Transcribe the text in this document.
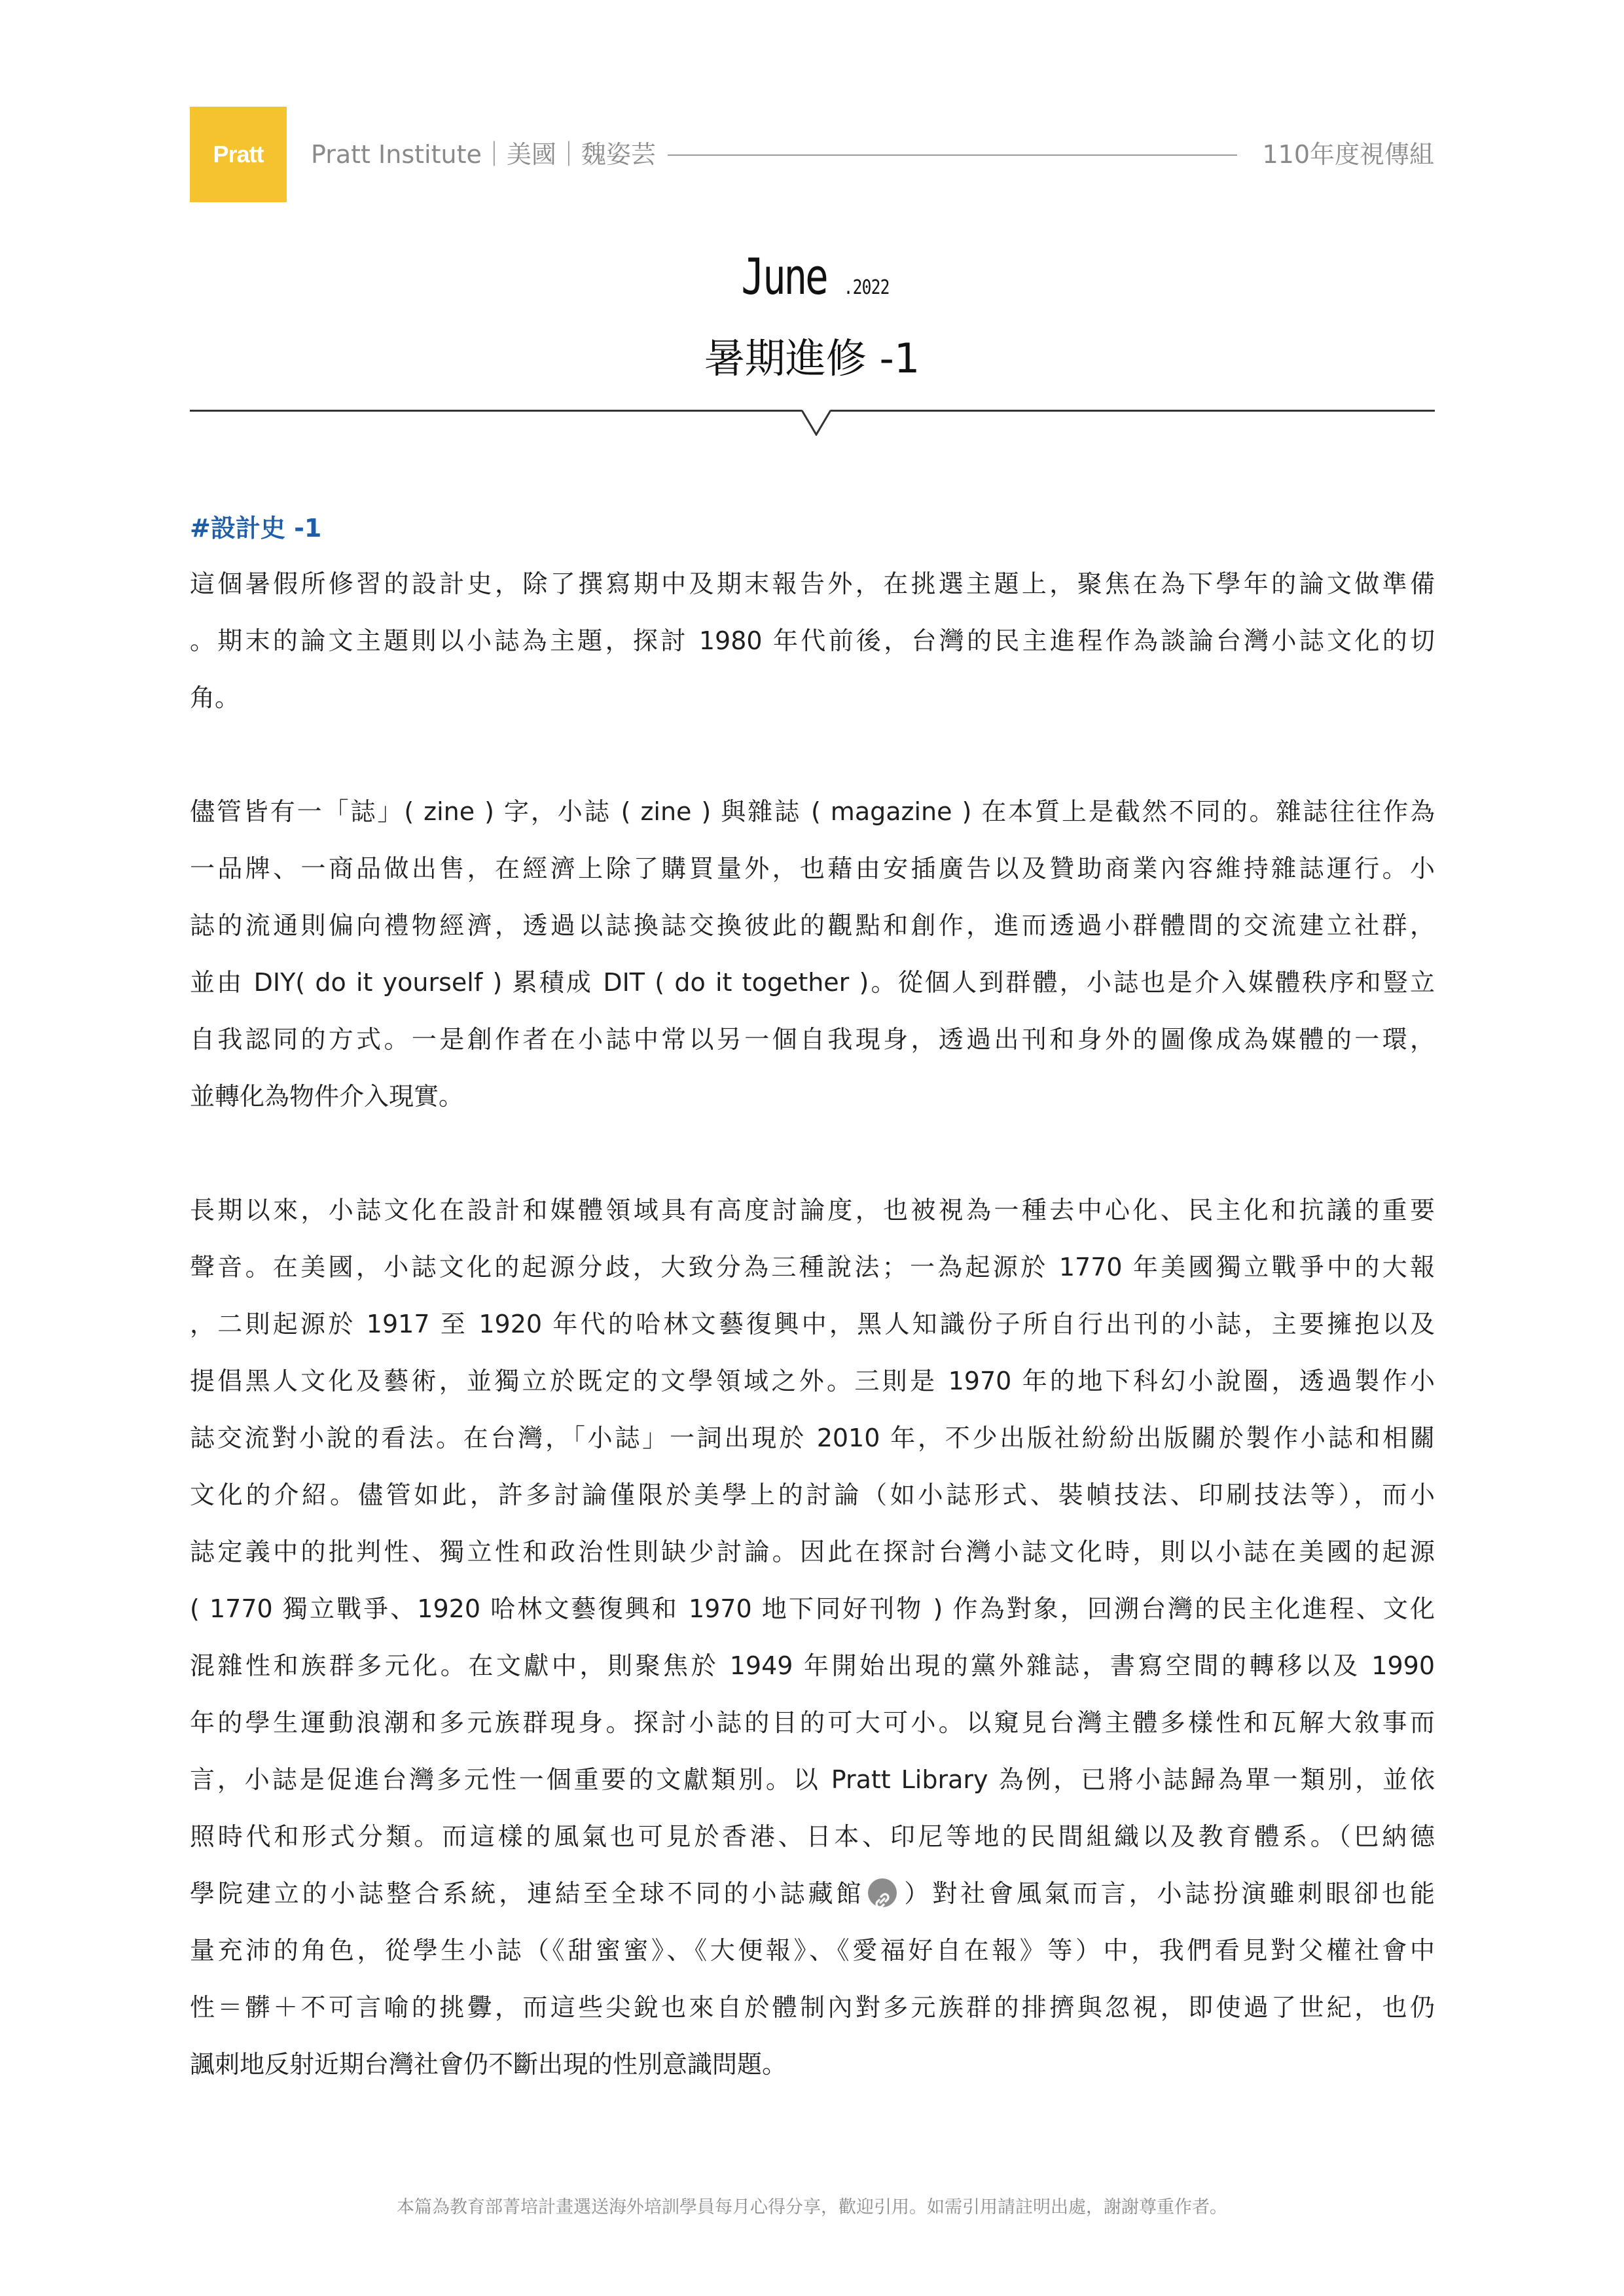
Pratt Pratt Institute｜美國｜魏姿芸	110年度視傳組
June .2022
暑期進修 -1
#設計史 -1
這個暑假所修習的設計史，除了撰寫期中及期末報告外，在挑選主題上，聚焦在為下學年的論文做準備
。期末的論文主題則以小誌為主題，探討 1980 年代前後，台灣的民主進程作為談論台灣小誌文化的切
角。
儘管皆有一「誌」( zine ) 字，小誌 ( zine ) 與雜誌 ( magazine ) 在本質上是截然不同的。雜誌往往作為
一品牌、一商品做出售，在經濟上除了購買量外，也藉由安插廣告以及贊助商業內容維持雜誌運行。小
誌的流通則偏向禮物經濟，透過以誌換誌交換彼此的觀點和創作，進而透過小群體間的交流建立社群，
並由 DIY( do it yourself ) 累積成 DIT ( do it together )。從個人到群體，小誌也是介入媒體秩序和豎立
自我認同的方式。一是創作者在小誌中常以另一個自我現身，透過出刊和身外的圖像成為媒體的一環，
並轉化為物件介入現實。
長期以來，小誌文化在設計和媒體領域具有高度討論度，也被視為一種去中心化、民主化和抗議的重要
聲音。在美國，小誌文化的起源分歧，大致分為三種說法；一為起源於 1770 年美國獨立戰爭中的大報
，二則起源於 1917 至 1920 年代的哈林文藝復興中，黑人知識份子所自行出刊的小誌，主要擁抱以及
提倡黑人文化及藝術，並獨立於既定的文學領域之外。三則是 1970 年的地下科幻小說圈，透過製作小
誌交流對小說的看法。在台灣，「小誌」一詞出現於 2010 年，不少出版社紛紛出版關於製作小誌和相關
文化的介紹。儘管如此，許多討論僅限於美學上的討論（如小誌形式、裝幀技法、印刷技法等），而小
誌定義中的批判性、獨立性和政治性則缺少討論。因此在探討台灣小誌文化時，則以小誌在美國的起源
( 1770 獨立戰爭、1920 哈林文藝復興和 1970 地下同好刊物 ) 作為對象，回溯台灣的民主化進程、文化
混雜性和族群多元化。在文獻中，則聚焦於 1949 年開始出現的黨外雜誌，書寫空間的轉移以及 1990
年的學生運動浪潮和多元族群現身。探討小誌的目的可大可小。以窺見台灣主體多樣性和瓦解大敘事而
言，小誌是促進台灣多元性一個重要的文獻類別。以 Pratt Library 為例，已將小誌歸為單一類別，並依
照時代和形式分類。而這樣的風氣也可見於香港、日本、印尼等地的民間組織以及教育體系。（巴納德
學院建立的小誌整合系統，連結至全球不同的小誌藏館 ）對社會風氣而言，小誌扮演雖刺眼卻也能
量充沛的角色，從學生小誌（《甜蜜蜜》、《大便報》、《愛福好自在報》等）中，我們看見對父權社會中
性＝髒＋不可言喻的挑釁，而這些尖銳也來自於體制內對多元族群的排擠與忽視，即使過了世紀，也仍
諷刺地反射近期台灣社會仍不斷出現的性別意識問題。
本篇為教育部菁培計畫選送海外培訓學員每月心得分享，歡迎引用。如需引用請註明出處，謝謝尊重作者。
